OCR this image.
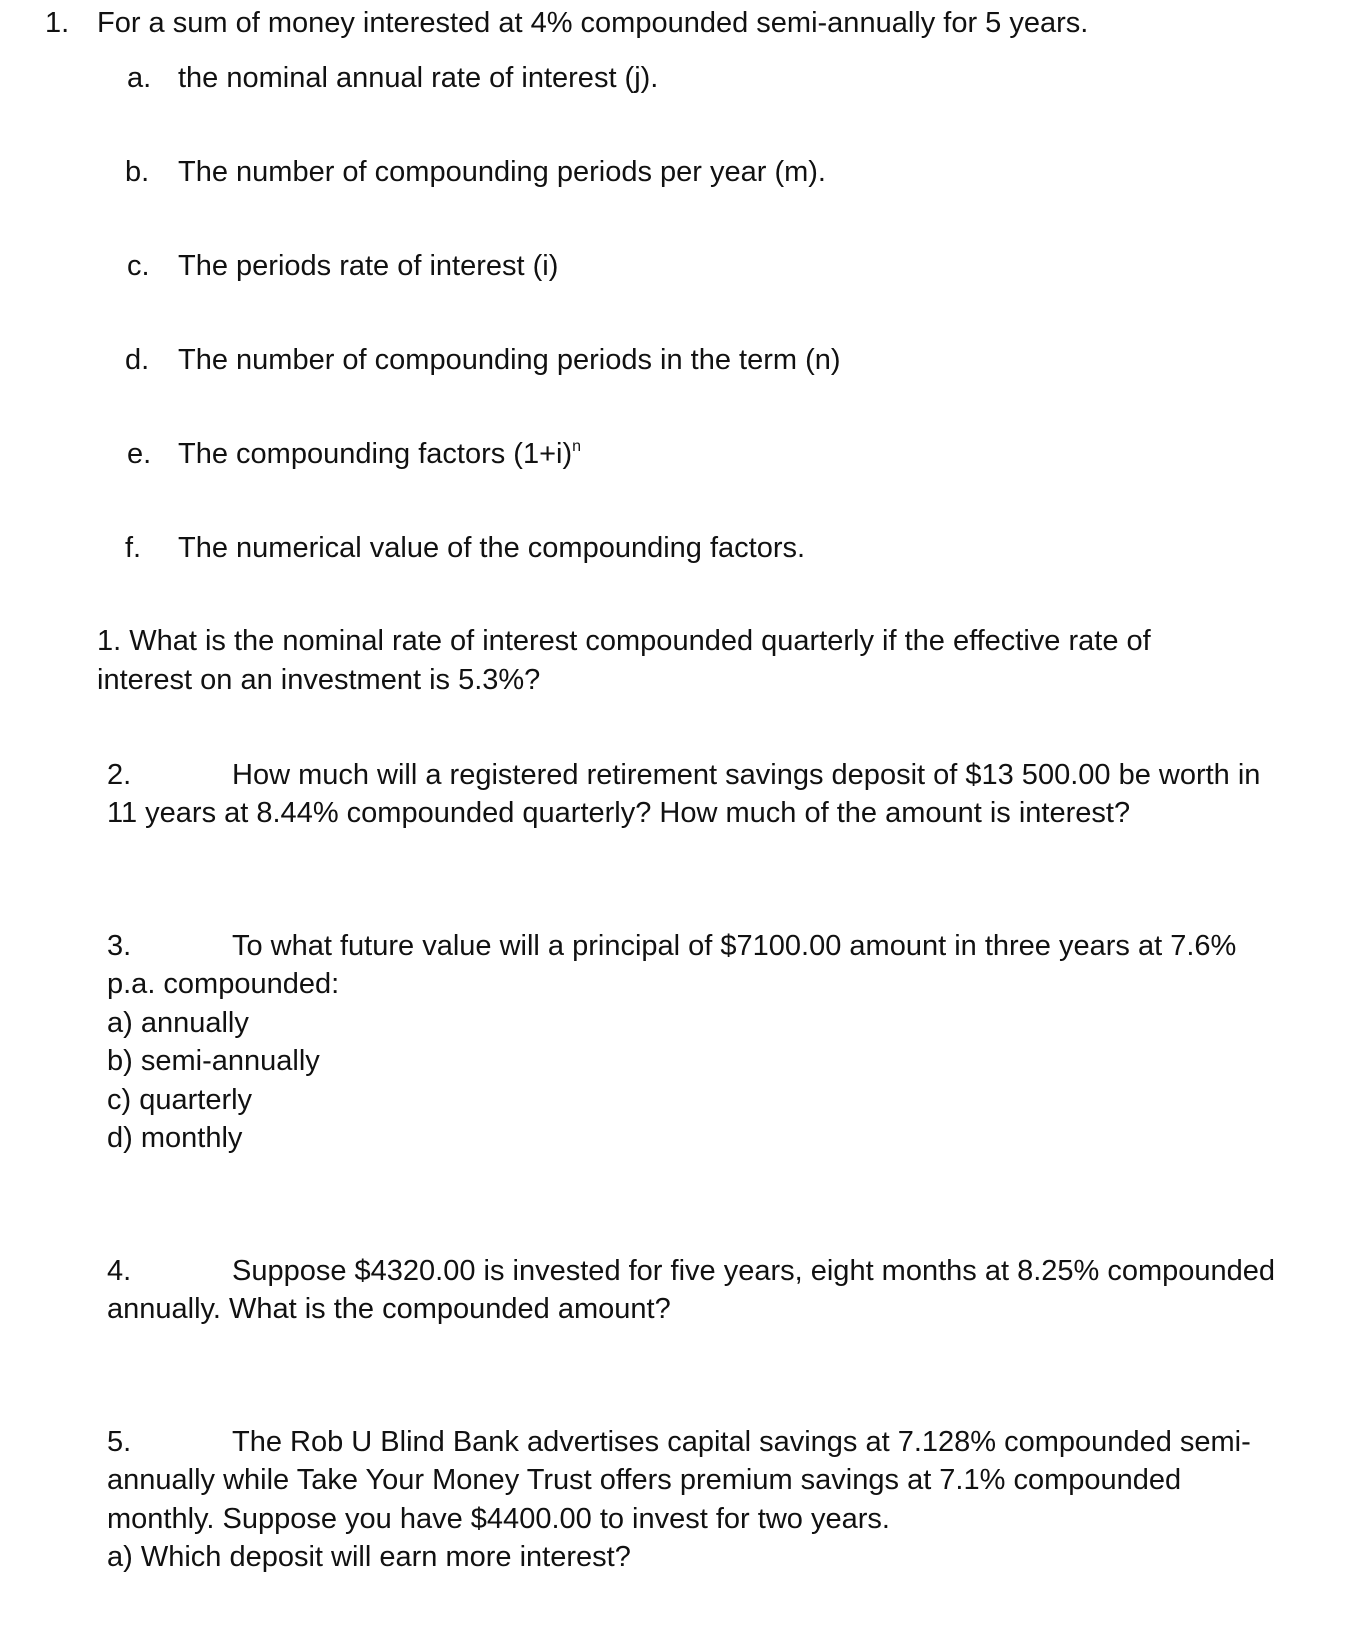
1. For a sum of money interested at 4% compounded semi-annually for 5 years.
a. the nominal annual rate of interest (j).
b. The number of compounding periods per year (m).
c. The periods rate of interest (i)
d. The number of compounding periods in the term (n)
e. The compounding factors $(1+i)^n$
f. The numerical value of the compounding factors.
1. What is the nominal rate of interest compounded quarterly if the effective rate of
interest on an investment is 5.3%?
2.	How much will a registered retirement savings deposit of $13 500.00 be worth in
11 years at 8.44% compounded quarterly? How much of the amount is interest?
3.	To what future value will a principal of $7100.00 amount in three years at 7.6%
p.a. compounded:
a) annually
b) semi-annually
c) quarterly
d) monthly
4.	Suppose $4320.00 is invested for five years, eight months at 8.25% compounded
annually. What is the compounded amount?
5.	The Rob U Blind Bank advertises capital savings at 7.128% compounded semi-
annually while Take Your Money Trust offers premium savings at 7.1% compounded
monthly. Suppose you have $4400.00 to invest for two years.
a) Which deposit will earn more interest?
